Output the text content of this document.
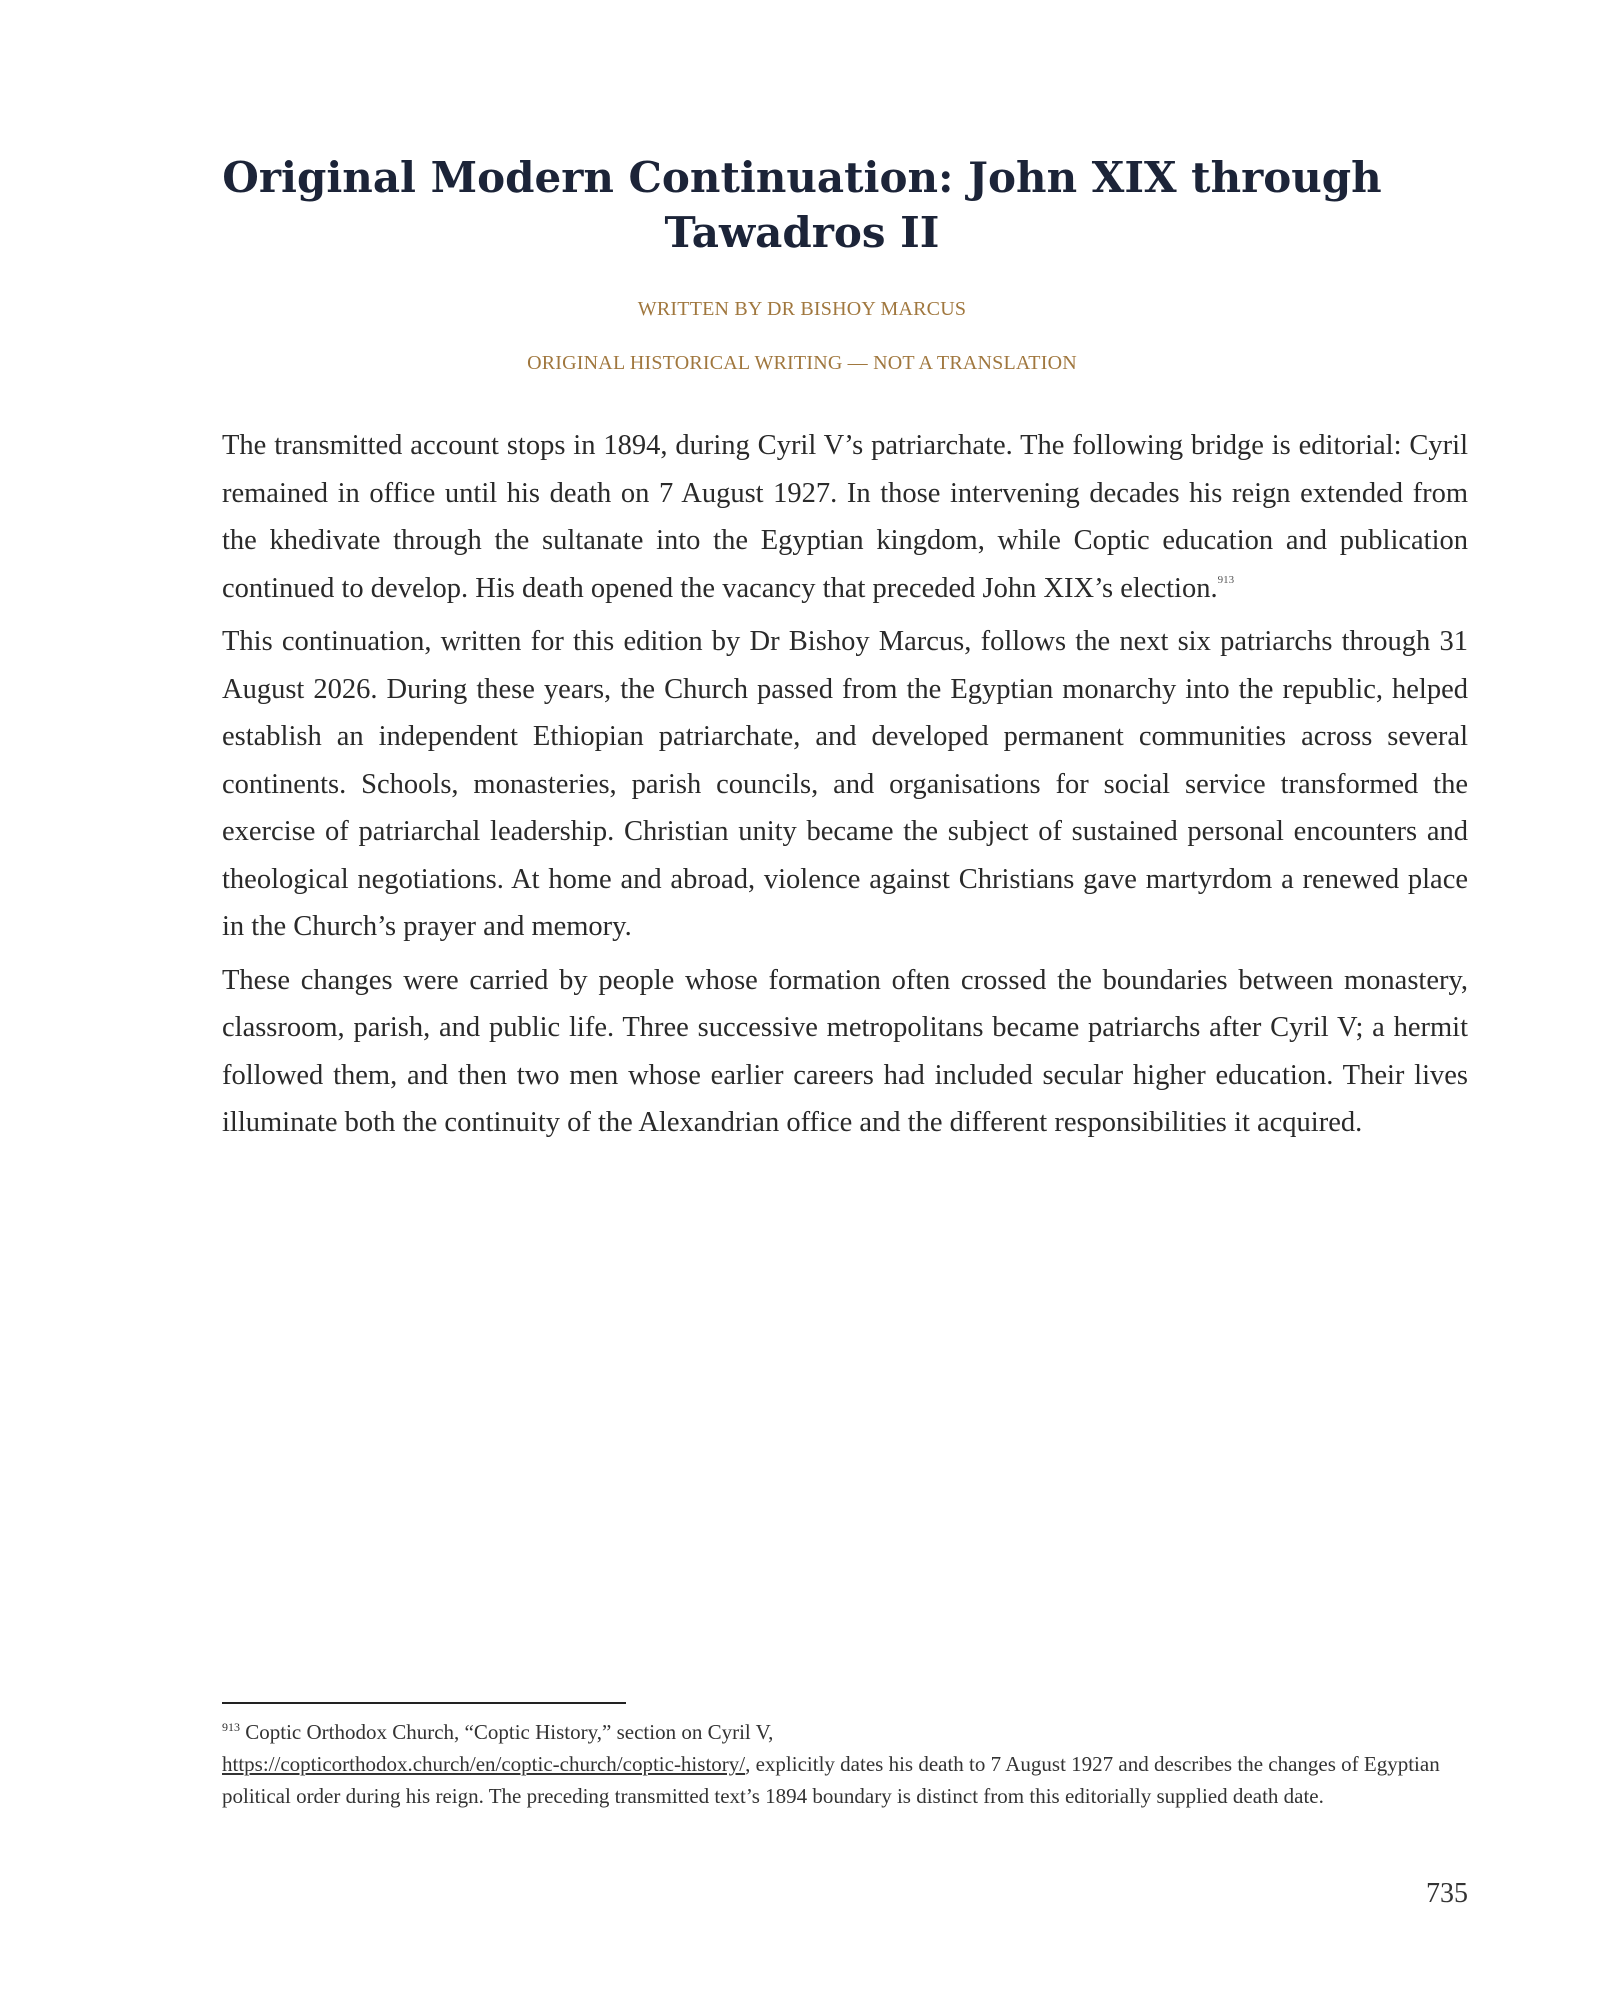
Original Modern Continuation: John XIX through
Tawadros II
WRITTEN BY DR BISHOY MARCUS
ORIGINAL HISTORICAL WRITING — NOT A TRANSLATION

The transmitted account stops in 1894, during Cyril V’s patriarchate. The following bridge is editorial: Cyril remained in office until his death on 7 August 1927. In those intervening decades his reign extended from the khedivate through the sultanate into the Egyptian kingdom, while Coptic education and publication continued to develop. His death opened the vacancy that preceded John XIX’s election.$^{913}$

This continuation, written for this edition by Dr Bishoy Marcus, follows the next six patriarchs through 31 August 2026. During these years, the Church passed from the Egyptian monarchy into the republic, helped establish an independent Ethiopian patriarchate, and developed permanent communities across several continents. Schools, monasteries, parish councils, and organisations for social service transformed the exercise of patriarchal leadership. Christian unity became the subject of sustained personal encounters and theological negotiations. At home and abroad, violence against Christians gave martyrdom a renewed place in the Church’s prayer and memory.

These changes were carried by people whose formation often crossed the boundaries between monastery, classroom, parish, and public life. Three successive metropolitans became patriarchs after Cyril V; a hermit followed them, and then two men whose earlier careers had included secular higher education. Their lives illuminate both the continuity of the Alexandrian office and the different responsibilities it acquired.

$^{913}$ Coptic Orthodox Church, “Coptic History,” section on Cyril V,
https://copticorthodox.church/en/coptic-church/coptic-history/, explicitly dates his death to 7 August 1927 and describes the changes of Egyptian political order during his reign. The preceding transmitted text’s 1894 boundary is distinct from this editorially supplied death date.
735
